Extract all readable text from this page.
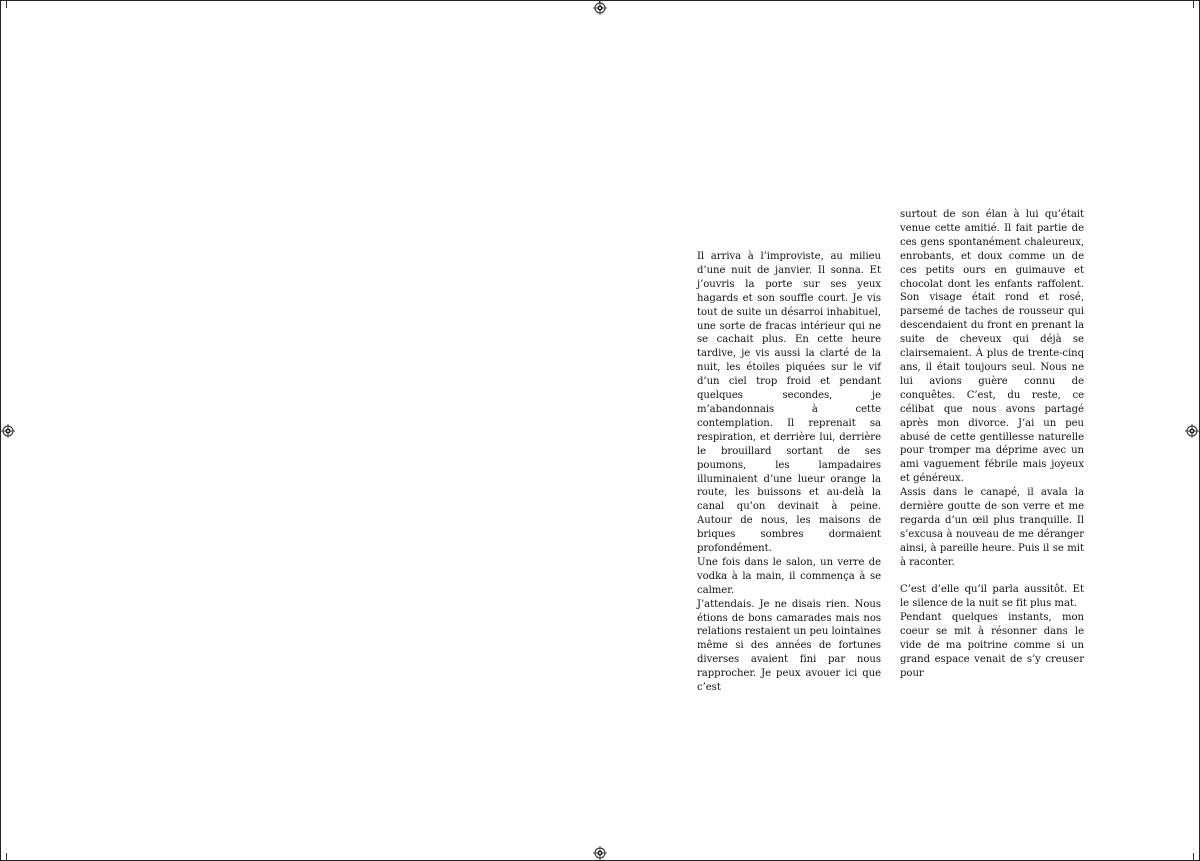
Il arriva à l’improviste, au milieu d’une nuit de janvier. Il sonna. Et j’ouvris la porte sur ses yeux hagards et son souffle court. Je vis tout de suite un désarroi inhabituel, une sorte de fracas intérieur qui ne se cachait plus. En cette heure tardive, je vis aussi la clarté de la nuit, les étoiles piquées sur le vif d’un ciel trop froid et pendant quelques secondes, je m’abandonnais à cette contemplation. Il reprenait sa respiration, et derrière lui, derrière le brouillard sortant de ses poumons, les lampadaires illuminaient d’une lueur orange la route, les buissons et au-delà la canal qu’on devinait à peine. Autour de nous, les maisons de briques sombres dormaient profondément.

Une fois dans le salon, un verre de vodka à la main, il commença à se calmer.

J’attendais. Je ne disais rien. Nous étions de bons camarades mais nos relations restaient un peu lointaines même si des années de fortunes diverses avaient fini par nous rapprocher. Je peux avouer ici que c’est

surtout de son élan à lui qu’était venue cette amitié. Il fait partie de ces gens spontanément chaleureux, enrobants, et doux comme un de ces petits ours en guimauve et chocolat dont les enfants raffolent. Son visage était rond et rosé, parsemé de taches de rousseur qui descendaient du front en prenant la suite de cheveux qui déjà se clairsemaient. À plus de trente-cinq ans, il était toujours seul. Nous ne lui avions guère connu de conquêtes. C’est, du reste, ce célibat que nous avons partagé après mon divorce. J’ai un peu abusé de cette gentillesse naturelle pour tromper ma déprime avec un ami vaguement fébrile mais joyeux et généreux.

Assis dans le canapé, il avala la dernière goutte de son verre et me regarda d’un œil plus tranquille. Il s’excusa à nouveau de me déranger ainsi, à pareille heure. Puis il se mit à raconter.

C’est d’elle qu’il parla aussitôt. Et le silence de la nuit se fit plus mat.

Pendant quelques instants, mon coeur se mit à résonner dans le vide de ma poitrine comme si un grand espace venait de s’y creuser pour
